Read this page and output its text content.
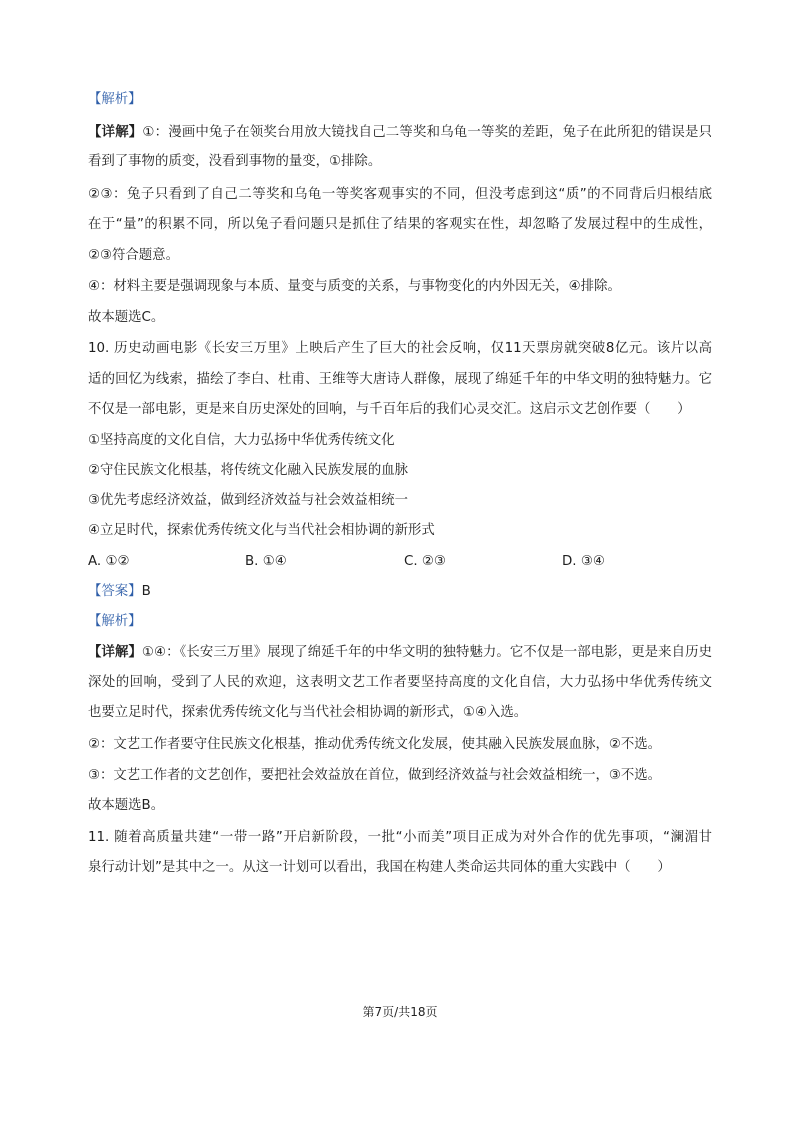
【解析】
【详解】①：漫画中兔子在领奖台用放大镜找自己二等奖和乌龟一等奖的差距，兔子在此所犯的错误是只
看到了事物的质变，没看到事物的量变，①排除。
②③：兔子只看到了自己二等奖和乌龟一等奖客观事实的不同，但没考虑到这“质”的不同背后归根结底
在于“量”的积累不同，所以兔子看问题只是抓住了结果的客观实在性，却忽略了发展过程中的生成性，
②③符合题意。
④：材料主要是强调现象与本质、量变与质变的关系，与事物变化的内外因无关，④排除。
故本题选C。
10. 历史动画电影《长安三万里》上映后产生了巨大的社会反响，仅11天票房就突破8亿元。该片以高
适的回忆为线索，描绘了李白、杜甫、王维等大唐诗人群像，展现了绵延千年的中华文明的独特魅力。它
不仅是一部电影，更是来自历史深处的回响，与千百年后的我们心灵交汇。这启示文艺创作要（　　）
①坚持高度的文化自信，大力弘扬中华优秀传统文化
②守住民族文化根基，将传统文化融入民族发展的血脉
③优先考虑经济效益，做到经济效益与社会效益相统一
④立足时代，探索优秀传统文化与当代社会相协调的新形式
A. ①②	B. ①④	C. ②③	D. ③④
【答案】B
【解析】
【详解】①④：《长安三万里》展现了绵延千年的中华文明的独特魅力。它不仅是一部电影，更是来自历史
深处的回响，受到了人民的欢迎，这表明文艺工作者要坚持高度的文化自信，大力弘扬中华优秀传统文
也要立足时代，探索优秀传统文化与当代社会相协调的新形式，①④入选。
②：文艺工作者要守住民族文化根基，推动优秀传统文化发展，使其融入民族发展血脉，②不选。
③：文艺工作者的文艺创作，要把社会效益放在首位，做到经济效益与社会效益相统一，③不选。
故本题选B。
11. 随着高质量共建“一带一路”开启新阶段，一批“小而美”项目正成为对外合作的优先事项，“澜湄甘
泉行动计划”是其中之一。从这一计划可以看出，我国在构建人类命运共同体的重大实践中（　　）
第7页/共18页
